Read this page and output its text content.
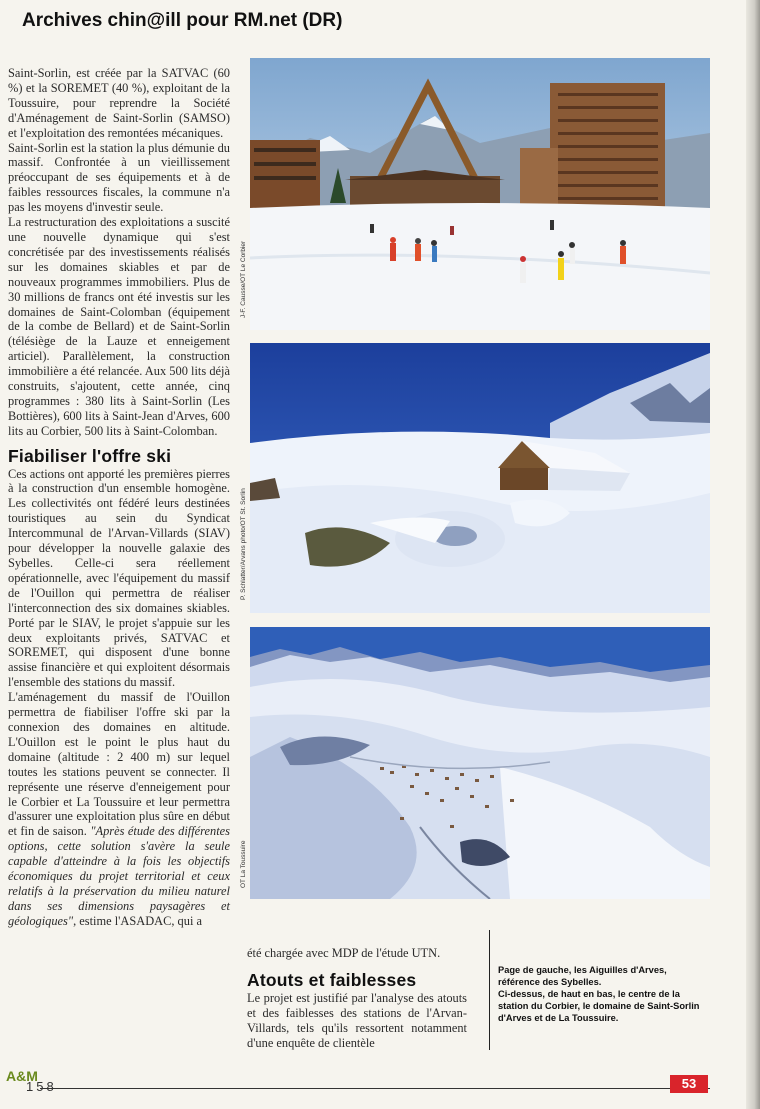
Archives chin@ill pour RM.net (DR)

Saint-Sorlin, est créée par la SATVAC (60 %) et la SOREMET (40 %), exploitant de la Toussuire, pour reprendre la Société d'Aménagement de Saint-Sorlin (SAMSO) et l'exploitation des remontées mécaniques.

Saint-Sorlin est la station la plus démunie du massif. Confrontée à un vieillissement préoccupant de ses équipements et à de faibles ressources fiscales, la commune n'a pas les moyens d'investir seule.

La restructuration des exploitations a suscité une nouvelle dynamique qui s'est concrétisée par des investissements réalisés sur les domaines skiables et par de nouveaux programmes immobiliers. Plus de 30 millions de francs ont été investis sur les domaines de Saint-Colomban (équipement de la combe de Bellard) et de Saint-Sorlin (télésiège de la Lauze et enneigement articiel). Parallèlement, la construction immobilière a été relancée. Aux 500 lits déjà construits, s'ajoutent, cette année, cinq programmes : 380 lits à Saint-Sorlin (Les Bottières), 600 lits à Saint-Jean d'Arves, 600 lits au Corbier, 500 lits à Saint-Colomban.

Fiabiliser l'offre ski

Ces actions ont apporté les premières pierres à la construction d'un ensemble homogène. Les collectivités ont fédéré leurs destinées touristiques au sein du Syndicat Intercommunal de l'Arvan-Villards (SIAV) pour développer la nouvelle galaxie des Sybelles. Celle-ci sera réellement opérationnelle, avec l'équipement du massif de l'Ouillon qui permettra de réaliser l'interconnection des six domaines skiables. Porté par le SIAV, le projet s'appuie sur les deux exploitants privés, SATVAC et SOREMET, qui disposent d'une bonne assise financière et qui exploitent désormais l'ensemble des stations du massif.

L'aménagement du massif de l'Ouillon permettra de fiabiliser l'offre ski par la connexion des domaines en altitude. L'Ouillon est le point le plus haut du domaine (altitude : 2 400 m) sur lequel toutes les stations peuvent se connecter. Il représente une réserve d'enneigement pour le Corbier et La Toussuire et leur permettra d'assurer une exploitation plus sûre en début et fin de saison. "Après étude des différentes options, cette solution s'avère la seule capable d'atteindre à la fois les objectifs économiques du projet territorial et ceux relatifs à la préservation du milieu naturel dans ses dimensions paysagères et géologiques", estime l'ASADAC, qui a

J-F. Causse/OT Le Corbier
P. Schlatter/Arvans photo/OT St. Sorlin
OT La Toussuire

été chargée avec MDP de l'étude UTN.

Atouts et faiblesses

Le projet est justifié par l'analyse des atouts et des faiblesses des stations de l'Arvan-Villards, tels qu'ils ressortent notamment d'une enquête de clientèle

Page de gauche, les Aiguilles d'Arves, référence des Sybelles.

Ci-dessus, de haut en bas, le centre de la station du Corbier, le domaine de Saint-Sorlin d'Arves et de La Toussuire.

A&M
158	53
